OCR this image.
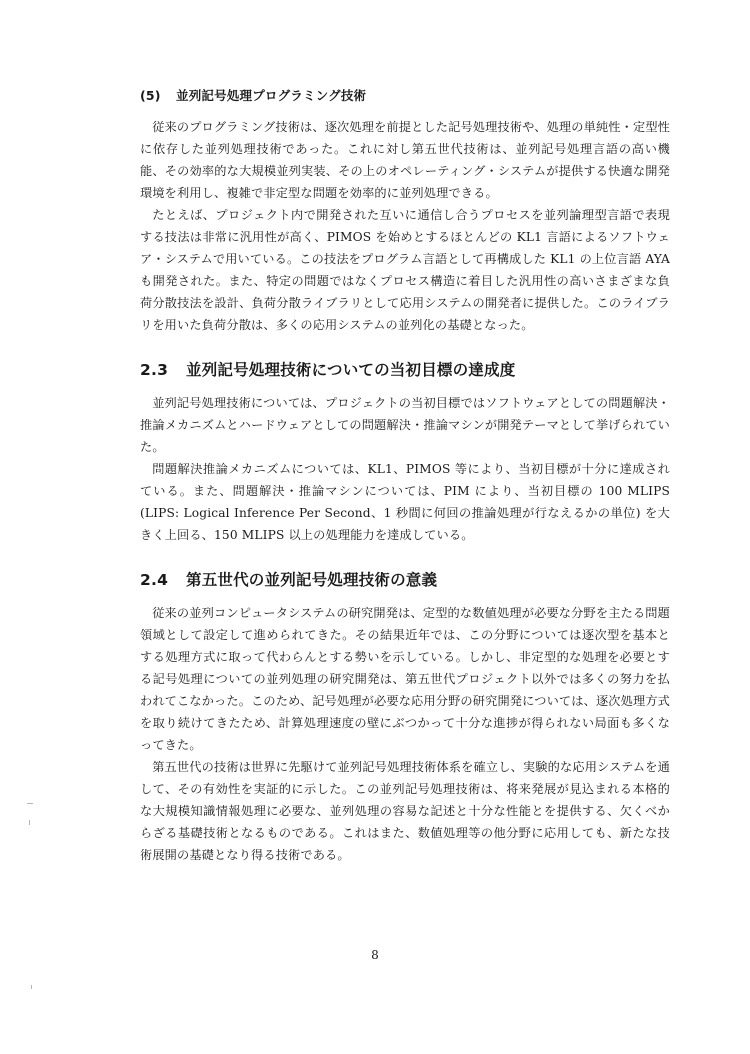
(5) 並列記号処理プログラミング技術

従来のプログラミング技術は、逐次処理を前提とした記号処理技術や、処理の単純性・定型性に依存した並列処理技術であった。これに対し第五世代技術は、並列記号処理言語の高い機能、その効率的な大規模並列実装、その上のオペレーティング・システムが提供する快適な開発環境を利用し、複雑で非定型な問題を効率的に並列処理できる。

たとえば、プロジェクト内で開発された互いに通信し合うプロセスを並列論理型言語で表現する技法は非常に汎用性が高く、PIMOS を始めとするほとんどの KL1 言語によるソフトウェア・システムで用いている。この技法をプログラム言語として再構成した KL1 の上位言語 AYA も開発された。また、特定の問題ではなくプロセス構造に着目した汎用性の高いさまざまな負荷分散技法を設計、負荷分散ライブラリとして応用システムの開発者に提供した。このライブラリを用いた負荷分散は、多くの応用システムの並列化の基礎となった。

2.3 並列記号処理技術についての当初目標の達成度

並列記号処理技術については、プロジェクトの当初目標ではソフトウェアとしての問題解決・推論メカニズムとハードウェアとしての問題解決・推論マシンが開発テーマとして挙げられていた。

問題解決推論メカニズムについては、KL1、PIMOS 等により、当初目標が十分に達成されている。また、問題解決・推論マシンについては、PIM により、当初目標の 100 MLIPS (LIPS: Logical Inference Per Second、1 秒間に何回の推論処理が行なえるかの単位) を大きく上回る、150 MLIPS 以上の処理能力を達成している。

2.4 第五世代の並列記号処理技術の意義

従来の並列コンピュータシステムの研究開発は、定型的な数値処理が必要な分野を主たる問題領域として設定して進められてきた。その結果近年では、この分野については逐次型を基本とする処理方式に取って代わらんとする勢いを示している。しかし、非定型的な処理を必要とする記号処理についての並列処理の研究開発は、第五世代プロジェクト以外では多くの努力を払われてこなかった。このため、記号処理が必要な応用分野の研究開発については、逐次処理方式を取り続けてきたため、計算処理速度の壁にぶつかって十分な進捗が得られない局面も多くなってきた。

第五世代の技術は世界に先駆けて並列記号処理技術体系を確立し、実験的な応用システムを通して、その有効性を実証的に示した。この並列記号処理技術は、将来発展が見込まれる本格的な大規模知識情報処理に必要な、並列処理の容易な記述と十分な性能とを提供する、欠くべからざる基礎技術となるものである。これはまた、数値処理等の他分野に応用しても、新たな技術展開の基礎となり得る技術である。

8
